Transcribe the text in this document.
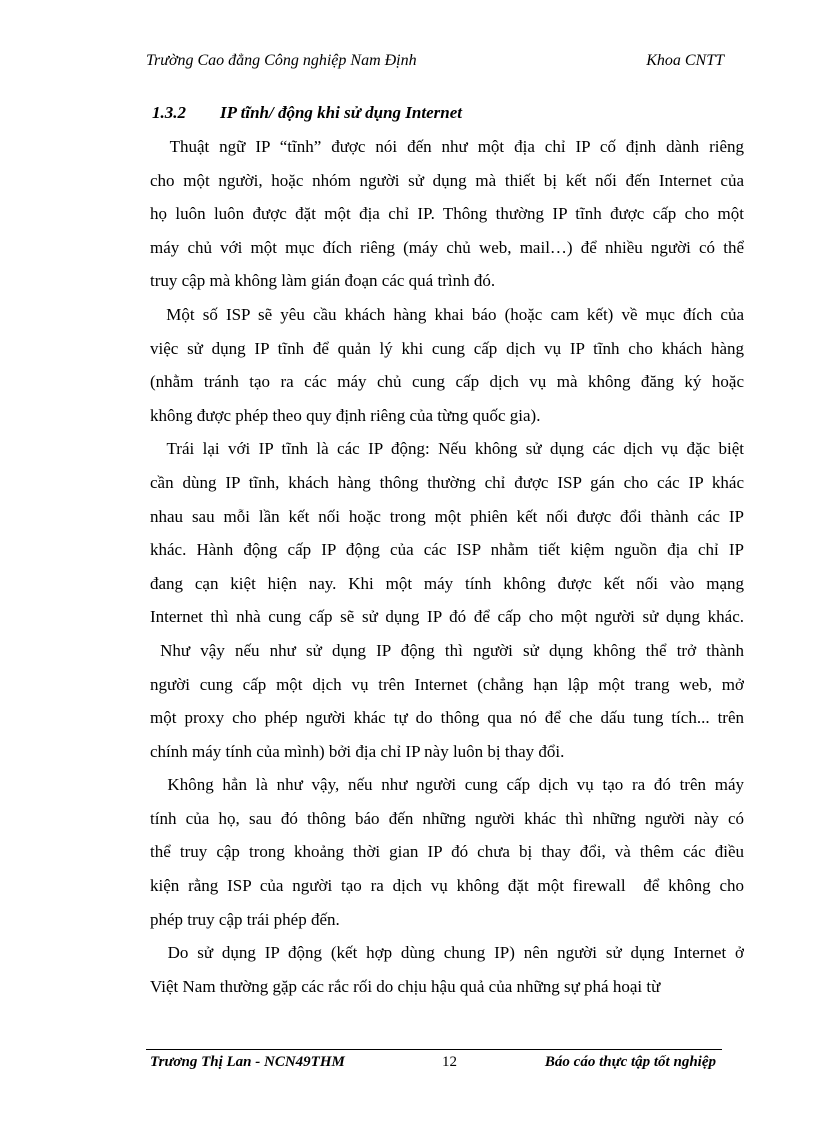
Trường Cao đẳng Công nghiệp Nam Định	Khoa CNTT
1.3.2 IP tĩnh/ động khi sử dụng Internet
Thuật ngữ IP “tĩnh” được nói đến như một địa chỉ IP cố định dành riêng
cho một người, hoặc nhóm người sử dụng mà thiết bị kết nối đến Internet của
họ luôn luôn được đặt một địa chỉ IP. Thông thường IP tĩnh được cấp cho một
máy chủ với một mục đích riêng (máy chủ web, mail…) để nhiều người có thể
truy cập mà không làm gián đoạn các quá trình đó.
Một số ISP sẽ yêu cầu khách hàng khai báo (hoặc cam kết) về mục đích của
việc sử dụng IP tĩnh để quản lý khi cung cấp dịch vụ IP tĩnh cho khách hàng
(nhằm tránh tạo ra các máy chủ cung cấp dịch vụ mà không đăng ký hoặc
không được phép theo quy định riêng của từng quốc gia).
Trái lại với IP tĩnh là các IP động: Nếu không sử dụng các dịch vụ đặc biệt
cần dùng IP tĩnh, khách hàng thông thường chỉ được ISP gán cho các IP khác
nhau sau mỗi lần kết nối hoặc trong một phiên kết nối được đổi thành các IP
khác. Hành động cấp IP động của các ISP nhằm tiết kiệm nguồn địa chỉ IP
đang cạn kiệt hiện nay. Khi một máy tính không được kết nối vào mạng
Internet thì nhà cung cấp sẽ sử dụng IP đó để cấp cho một người sử dụng khác.
Như vậy nếu như sử dụng IP động thì người sử dụng không thể trở thành
người cung cấp một dịch vụ trên Internet (chẳng hạn lập một trang web, mở
một proxy cho phép người khác tự do thông qua nó để che dấu tung tích... trên
chính máy tính của mình) bởi địa chỉ IP này luôn bị thay đổi.
Không hẳn là như vậy, nếu như người cung cấp dịch vụ tạo ra đó trên máy
tính của họ, sau đó thông báo đến những người khác thì những người này có
thể truy cập trong khoảng thời gian IP đó chưa bị thay đổi, và thêm các điều
kiện rằng ISP của người tạo ra dịch vụ không đặt một firewall  để không cho
phép truy cập trái phép đến.
Do sử dụng IP động (kết hợp dùng chung IP) nên người sử dụng Internet ở
Việt Nam thường gặp các rắc rối do chịu hậu quả của những sự phá hoại từ
Trương Thị Lan - NCN49THM	12	Báo cáo thực tập tốt nghiệp
